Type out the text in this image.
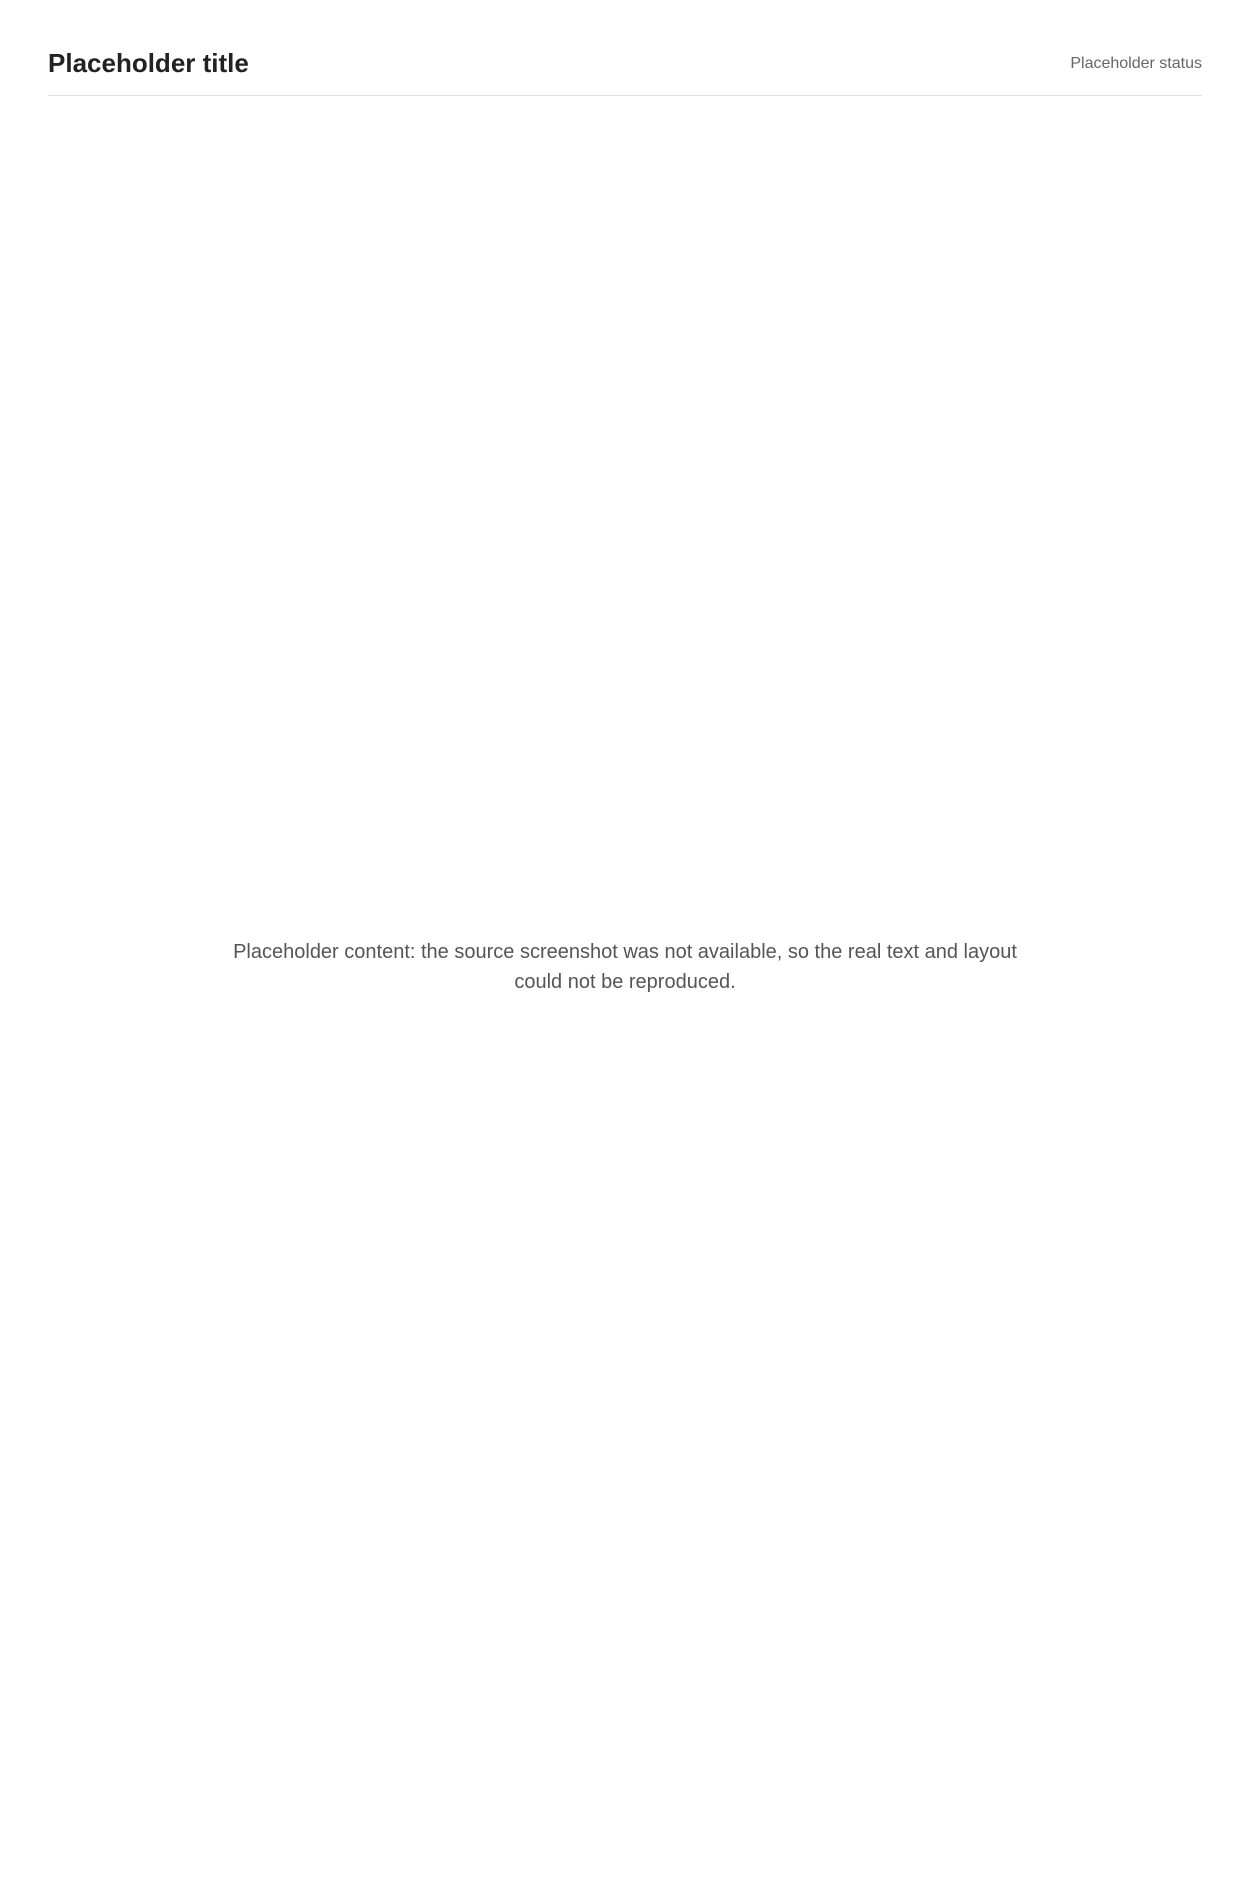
Placeholder title	Placeholder status
Placeholder content: the source screenshot was not available, so the real text and layout could not be reproduced.
